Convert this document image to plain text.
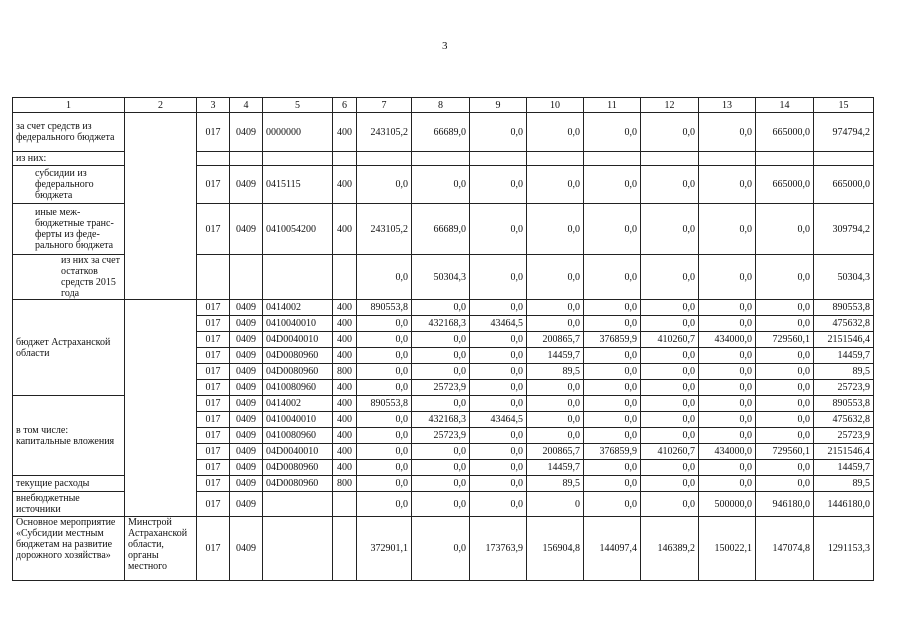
3
1	2	3	4	5	6	7	8	9	10	11	12	13	14	15
за счет средств из федерального бюджета		017	0409	0000000	400	243105,2	66689,0	0,0	0,0	0,0	0,0	0,0	665000,0	974794,2
из них:														
субсидии из федерального бюджета		017	0409	0415115	400	0,0	0,0	0,0	0,0	0,0	0,0	0,0	665000,0	665000,0
иные меж-бюджетные транс-ферты из феде-рального бюджета		017	0409	0410054200	400	243105,2	66689,0	0,0	0,0	0,0	0,0	0,0	0,0	309794,2
из них за счет остатков средств 2015 года						0,0	50304,3	0,0	0,0	0,0	0,0	0,0	0,0	50304,3
бюджет Астраханской области		017	0409	0414002	400	890553,8	0,0	0,0	0,0	0,0	0,0	0,0	0,0	890553,8
		017	0409	0410040010	400	0,0	432168,3	43464,5	0,0	0,0	0,0	0,0	0,0	475632,8
		017	0409	04D0040010	400	0,0	0,0	0,0	200865,7	376859,9	410260,7	434000,0	729560,1	2151546,4
		017	0409	04D0080960	400	0,0	0,0	0,0	14459,7	0,0	0,0	0,0	0,0	14459,7
		017	0409	04D0080960	800	0,0	0,0	0,0	89,5	0,0	0,0	0,0	0,0	89,5
		017	0409	0410080960	400	0,0	25723,9	0,0	0,0	0,0	0,0	0,0	0,0	25723,9
в том числе: капитальные вложения		017	0409	0414002	400	890553,8	0,0	0,0	0,0	0,0	0,0	0,0	0,0	890553,8
		017	0409	0410040010	400	0,0	432168,3	43464,5	0,0	0,0	0,0	0,0	0,0	475632,8
		017	0409	0410080960	400	0,0	25723,9	0,0	0,0	0,0	0,0	0,0	0,0	25723,9
		017	0409	04D0040010	400	0,0	0,0	0,0	200865,7	376859,9	410260,7	434000,0	729560,1	2151546,4
		017	0409	04D0080960	400	0,0	0,0	0,0	14459,7	0,0	0,0	0,0	0,0	14459,7
текущие расходы		017	0409	04D0080960	800	0,0	0,0	0,0	89,5	0,0	0,0	0,0	0,0	89,5
внебюджетные источники		017	0409			0,0	0,0	0,0	0	0,0	0,0	500000,0	946180,0	1446180,0
Основное мероприятие «Субсидии местным бюджетам на развитие дорожного хозяйства»	Минстрой Астраханской области, органы местного	017	0409			372901,1	0,0	173763,9	156904,8	144097,4	146389,2	150022,1	147074,8	1291153,3
